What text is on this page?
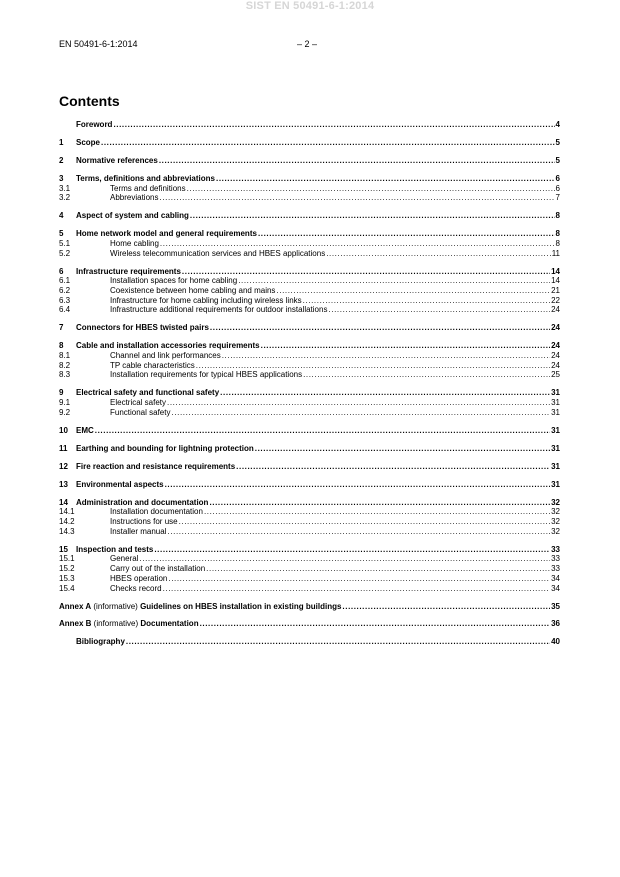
SIST EN 50491-6-1:2014
EN 50491-6-1:2014	– 2 –
Contents
Foreword .....	4
1	Scope .....	5
2	Normative references .....	5
3	Terms, definitions and abbreviations .....	6
3.1	Terms and definitions .....	6
3.2	Abbreviations .....	7
4	Aspect of system and cabling .....	8
5	Home network model and general requirements .....	8
5.1	Home cabling .....	8
5.2	Wireless telecommunication services and HBES applications .....	11
6	Infrastructure requirements .....	14
6.1	Installation spaces for home cabling .....	14
6.2	Coexistence between home cabling and mains .....	21
6.3	Infrastructure for home cabling including wireless links .....	22
6.4	Infrastructure additional requirements for outdoor installations .....	24
7	Connectors for HBES twisted pairs .....	24
8	Cable and installation accessories requirements .....	24
8.1	Channel and link performances .....	24
8.2	TP cable characteristics .....	24
8.3	Installation requirements for typical HBES applications .....	25
9	Electrical safety and functional safety .....	31
9.1	Electrical safety .....	31
9.2	Functional safety .....	31
10	EMC .....	31
11	Earthing and bounding for lightning protection .....	31
12	Fire reaction and resistance requirements .....	31
13	Environmental aspects .....	31
14	Administration and documentation .....	32
14.1	Installation documentation .....	32
14.2	Instructions for use .....	32
14.3	Installer manual .....	32
15	Inspection and tests .....	33
15.1	General .....	33
15.2	Carry out of the installation .....	33
15.3	HBES operation .....	34
15.4	Checks record .....	34
Annex A (informative) Guidelines on HBES installation in existing buildings .....	35
Annex B (informative) Documentation .....	36
Bibliography .....	40
